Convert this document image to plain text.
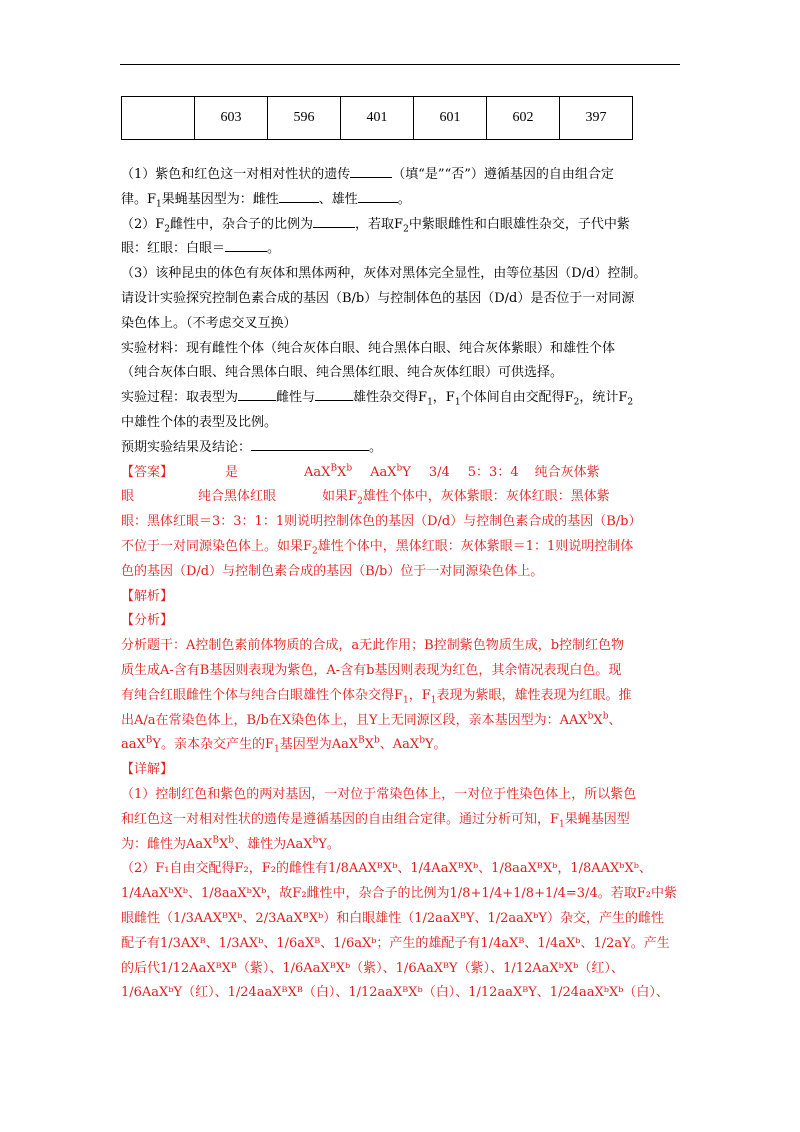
	603	596	401	601	602	397

（1）紫色和红色这一对相对性状的遗传	（填“是”“否”）遵循基因的自由组合定

律。$F_1$果蝇基因型为：雌性	、雄性	。

$(2)F_2$雌性中，杂合子的比例为	，若取$F_2$中紫眼雌性和白眼雄性杂交，子代中紫

眼：红眼：白眼＝	。

（3）该种昆虫的体色有灰体和黑体两种，灰体对黑体完全显性，由等位基因（D/d）控制。

请设计实验探究控制色素合成的基因（B/b）与控制体色的基因（D/d）是否位于一对同源

染色体上。（不考虑交叉互换）

实验材料：现有雌性个体（纯合灰体白眼、纯合黑体白眼、纯合灰体紫眼）和雄性个体

（纯合灰体白眼、纯合黑体白眼、纯合黑体红眼、纯合灰体红眼）可供选择。

实验过程：取表型为	雌性与	雄性杂交得$F_1$，$F_1$个体间自由交配得$F_2$，统计$F_2$

中雄性个体的表型及比例。

预期实验结果及结论：	。

【答案】	是	$AaX^BX^b$ AaX$^b$Y 3/4 5：3：4 纯合灰体紫

眼	纯合黑体红眼	如果$F_2$雄性个体中，灰体紫眼：灰体红眼：黑体紫

眼：黑体红眼＝3：3：1：1则说明控制体色的基因（D/d）与控制色素合成的基因（B/b）

不位于一对同源染色体上。如果$F_2$雄性个体中，黑体红眼：灰体紫眼＝1：1则说明控制体

色的基因（D/d）与控制色素合成的基因（B/b）位于一对同源染色体上。

【解析】

【分析】

分析题干：A控制色素前体物质的合成，a无此作用；B控制紫色物质生成，b控制红色物

质生成A-含有B基因则表现为紫色，A-含有b基因则表现为红色，其余情况表现白色。现

有纯合红眼雌性个体与纯合白眼雄性个体杂交得$F_1$，$F_1$表现为紫眼，雄性表现为红眼。推

出A/a在常染色体上，B/b在X染色体上，且Y上无同源区段，亲本基因型为：$AAX^bX^b$、

aaX$^B$Y。亲本杂交产生的$F_1$基因型为$AaX^BX^b$、AaX$^b$Y。

【详解】

（1）控制红色和紫色的两对基因，一对位于常染色体上，一对位于性染色体上，所以紫色

和红色这一对相对性状的遗传是遵循基因的自由组合定律。通过分析可知，$F_1$果蝇基因型

为：雌性为$AaX^BX^b$、雄性为AaX$^b$Y。

（2）F₁自由交配得F₂，F₂的雌性有1/8AAXᴮXᵇ、1/4AaXᴮXᵇ、1/8aaXᴮXᵇ，1/8AAXᵇXᵇ、

1/4AaXᵇXᵇ、1/8aaXᵇXᵇ，故F₂雌性中，杂合子的比例为1/8+1/4+1/8+1/4=3/4。若取F₂中紫

眼雌性（1/3AAXᴮXᵇ、2/3AaXᴮXᵇ）和白眼雄性（1/2aaXᴮY、1/2aaXᵇY）杂交，产生的雌性

配子有1/3AXᴮ、1/3AXᵇ、1/6aXᴮ、1/6aXᵇ；产生的雄配子有1/4aXᴮ、1/4aXᵇ、1/2aY。产生

的后代1/12AaXᴮXᴮ（紫）、1/6AaXᴮXᵇ（紫）、1/6AaXᴮY（紫）、1/12AaXᵇXᵇ（红）、

1/6AaXᵇY（红）、1/24aaXᴮXᴮ（白）、1/12aaXᴮXᵇ（白）、1/12aaXᴮY、1/24aaXᵇXᵇ（白）、
